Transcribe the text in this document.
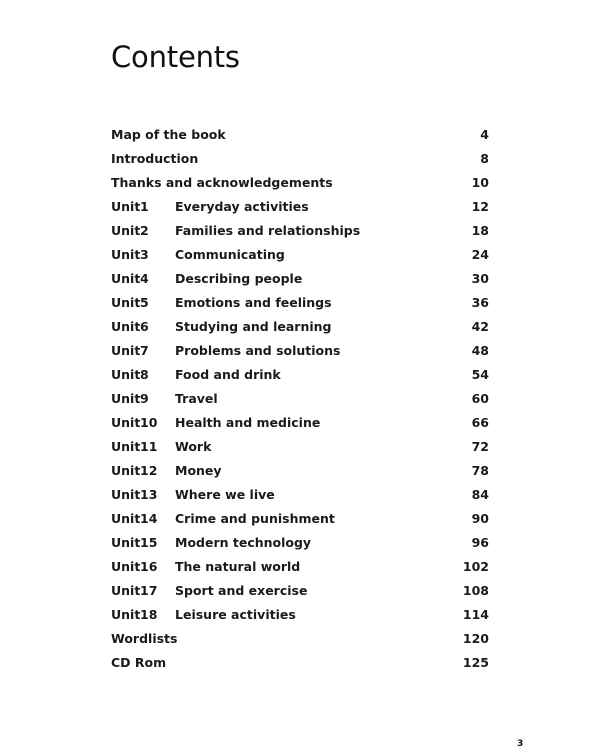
Contents
Map of the book	4
Introduction	8
Thanks and acknowledgements	10
Unit 1	Everyday activities	12
Unit 2	Families and relationships	18
Unit 3	Communicating	24
Unit 4	Describing people	30
Unit 5	Emotions and feelings	36
Unit 6	Studying and learning	42
Unit 7	Problems and solutions	48
Unit 8	Food and drink	54
Unit 9	Travel	60
Unit 10	Health and medicine	66
Unit 11	Work	72
Unit 12	Money	78
Unit 13	Where we live	84
Unit 14	Crime and punishment	90
Unit 15	Modern technology	96
Unit 16	The natural world	102
Unit 17	Sport and exercise	108
Unit 18	Leisure activities	114
Wordlists	120
CD Rom	125
3
